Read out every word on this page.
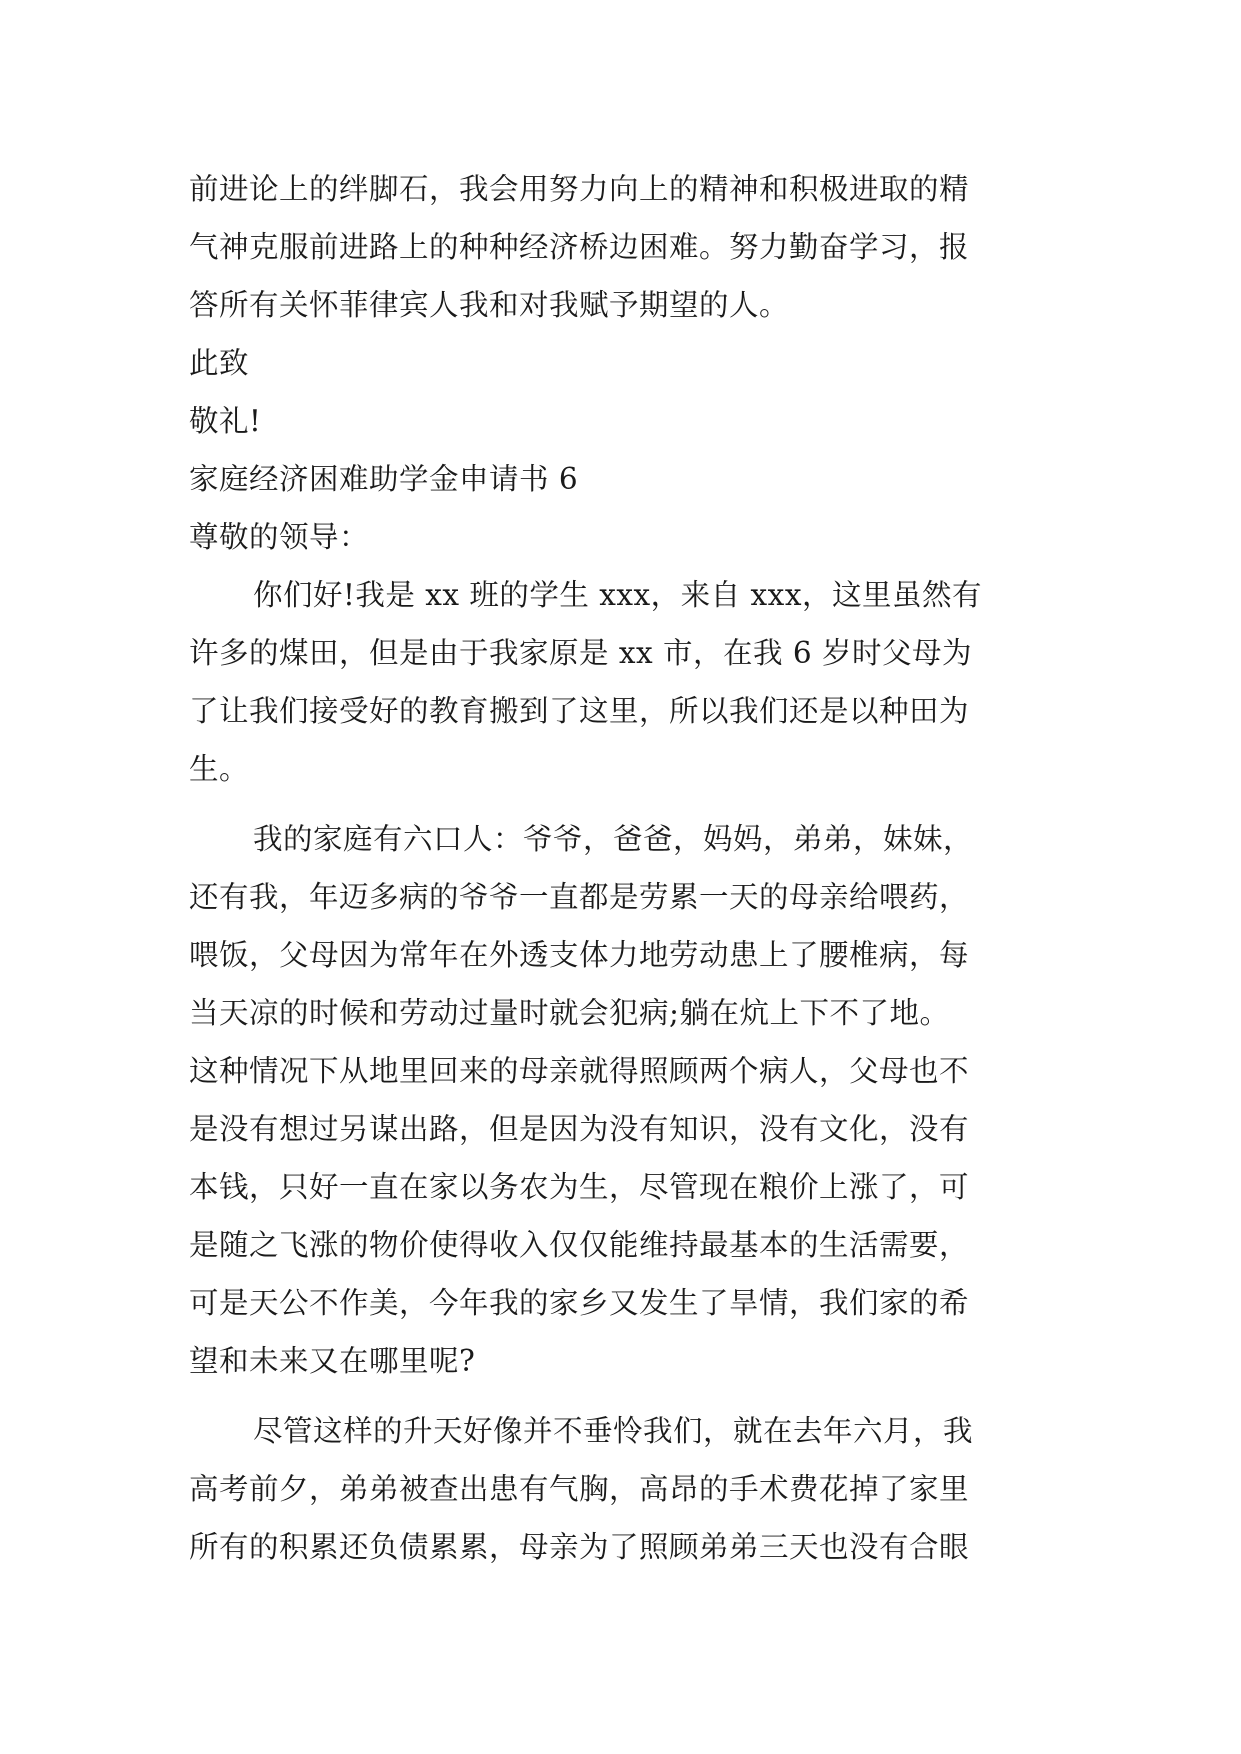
前进论上的绊脚石，我会用努力向上的精神和积极进取的精
气神克服前进路上的种种经济桥边困难。努力勤奋学习，报
答所有关怀菲律宾人我和对我赋予期望的人。
此致
敬礼!
家庭经济困难助学金申请书 6
尊敬的领导：
你们好!我是 xx 班的学生 xxx，来自 xxx，这里虽然有
许多的煤田，但是由于我家原是 xx 市，在我 6 岁时父母为
了让我们接受好的教育搬到了这里，所以我们还是以种田为
生。
我的家庭有六口人：爷爷，爸爸，妈妈，弟弟，妹妹，
还有我，年迈多病的爷爷一直都是劳累一天的母亲给喂药，
喂饭，父母因为常年在外透支体力地劳动患上了腰椎病，每
当天凉的时候和劳动过量时就会犯病;躺在炕上下不了地。
这种情况下从地里回来的母亲就得照顾两个病人，父母也不
是没有想过另谋出路，但是因为没有知识，没有文化，没有
本钱，只好一直在家以务农为生，尽管现在粮价上涨了，可
是随之飞涨的物价使得收入仅仅能维持最基本的生活需要，
可是天公不作美，今年我的家乡又发生了旱情，我们家的希
望和未来又在哪里呢?
尽管这样的升天好像并不垂怜我们，就在去年六月，我
高考前夕，弟弟被查出患有气胸，高昂的手术费花掉了家里
所有的积累还负债累累，母亲为了照顾弟弟三天也没有合眼
